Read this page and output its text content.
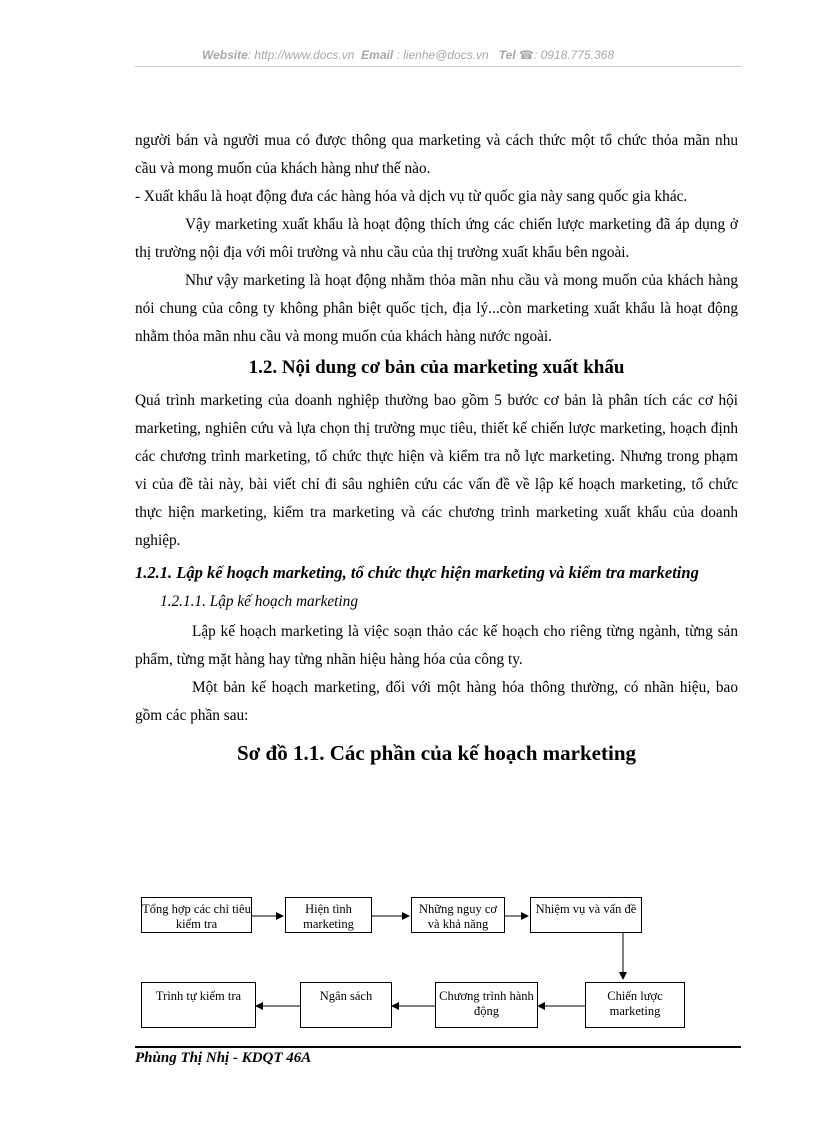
Website: http://www.docs.vn Email : lienhe@docs.vn Tel ☎: 0918.775.368

người bán và người mua có được thông qua marketing và cách thức một tổ chức thỏa mãn nhu cầu và mong muốn của khách hàng như thế nào.

- Xuất khẩu là hoạt động đưa các hàng hóa và dịch vụ từ quốc gia này sang quốc gia khác.

Vậy marketing xuất khẩu là hoạt động thích ứng các chiến lược marketing đã áp dụng ở thị trường nội địa với môi trường và nhu cầu của thị trường xuất khẩu bên ngoài.

Như vậy marketing là hoạt động nhằm thỏa mãn nhu cầu và mong muốn của khách hàng nói chung của công ty không phân biệt quốc tịch, địa lý...còn marketing xuất khẩu là hoạt động nhằm thỏa mãn nhu cầu và mong muốn của khách hàng nước ngoài.

1.2. Nội dung cơ bản của marketing xuất khẩu

Quá trình marketing của doanh nghiệp thường bao gồm 5 bước cơ bản là phân tích các cơ hội marketing, nghiên cứu và lựa chọn thị trường mục tiêu, thiết kế chiến lược marketing, hoạch định các chương trình marketing, tổ chức thực hiện và kiểm tra nỗ lực marketing. Nhưng trong phạm vi của đề tài này, bài viết chỉ đi sâu nghiên cứu các vấn đề về lập kế hoạch marketing, tổ chức thực hiện marketing, kiểm tra marketing và các chương trình marketing xuất khẩu của doanh nghiệp.

1.2.1. Lập kế hoạch marketing, tổ chức thực hiện marketing và kiểm tra marketing
1.2.1.1. Lập kế hoạch marketing

Lập kế hoạch marketing là việc soạn thảo các kế hoạch cho riêng từng ngành, từng sản phẩm, từng mặt hàng hay từng nhãn hiệu hàng hóa của công ty.

Một bản kế hoạch marketing, đối với một hàng hóa thông thường, có nhãn hiệu, bao gồm các phần sau:

Sơ đồ 1.1. Các phần của kế hoạch marketing
Tổng hợp các chỉ tiêu kiểm tra
Hiện tình marketing
Những nguy cơ và khả năng
Nhiệm vụ và vấn đề
Chiến lược marketing
Chương trình hành động
Ngân sách
Trình tự kiểm tra
Phùng Thị Nhị - KDQT 46A
